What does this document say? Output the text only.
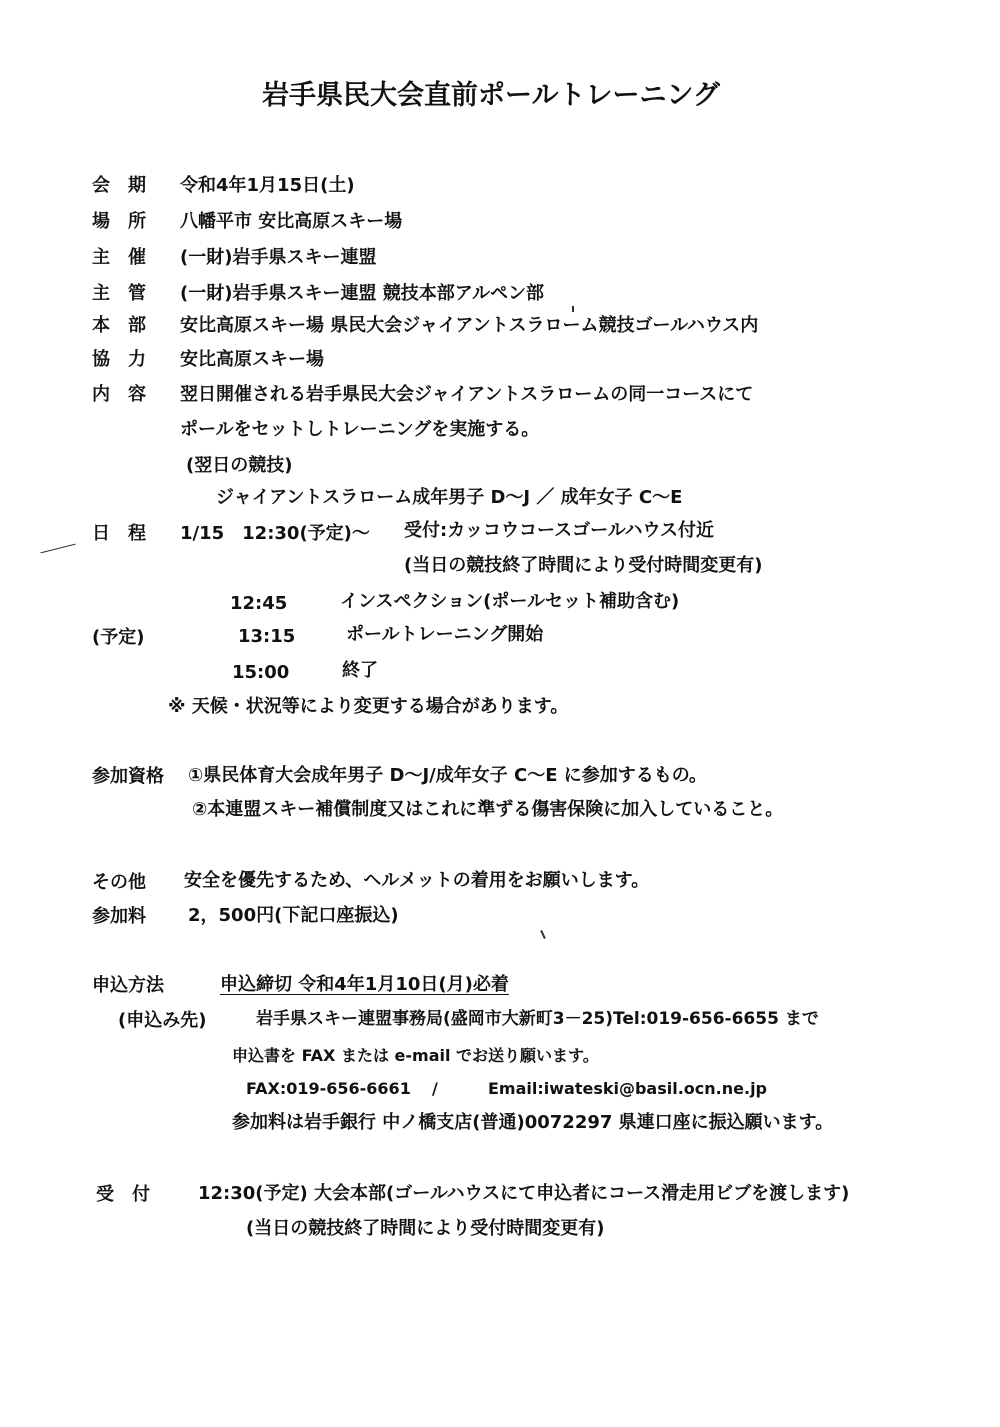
岩手県民大会直前ポールトレーニング
会　期 令和4年1月15日(土)
場　所 八幡平市 安比高原スキー場
主　催 (一財)岩手県スキー連盟
主　管 (一財)岩手県スキー連盟 競技本部アルペン部
本　部 安比高原スキー場 県民大会ジャイアントスラローム競技ゴールハウス内
協　力 安比高原スキー場
内　容 翌日開催される岩手県民大会ジャイアントスラロームの同一コースにて
ポールをセットしトレーニングを実施する。
(翌日の競技)
ジャイアントスラローム成年男子 D～J ／ 成年女子 C～E
日　程 1/15　12:30(予定)～ 受付:カッコウコースゴールハウス付近
(当日の競技終了時間により受付時間変更有)
12:45	インスペクション(ポールセット補助含む)
(予定)	13:15	ポールトレーニング開始
15:00	終了
※ 天候・状況等により変更する場合があります。
参加資格 ①県民体育大会成年男子 D～J/成年女子 C～E に参加するもの。
②本連盟スキー補償制度又はこれに準ずる傷害保険に加入していること。
その他 安全を優先するため、ヘルメットの着用をお願いします。
参加料 2，500円(下記口座振込)
申込方法	申込締切 令和4年1月10日(月)必着
(申込み先)	岩手県スキー連盟事務局(盛岡市大新町3－25)Tel:019-656-6655 まで
申込書を FAX または e-mail でお送り願います。
FAX:019-656-6661 /	Email:iwateski@basil.ocn.ne.jp
参加料は岩手銀行 中ノ橋支店(普通)0072297 県連口座に振込願います。
受　付	12:30(予定) 大会本部(ゴールハウスにて申込者にコース滑走用ビブを渡します)
(当日の競技終了時間により受付時間変更有)
